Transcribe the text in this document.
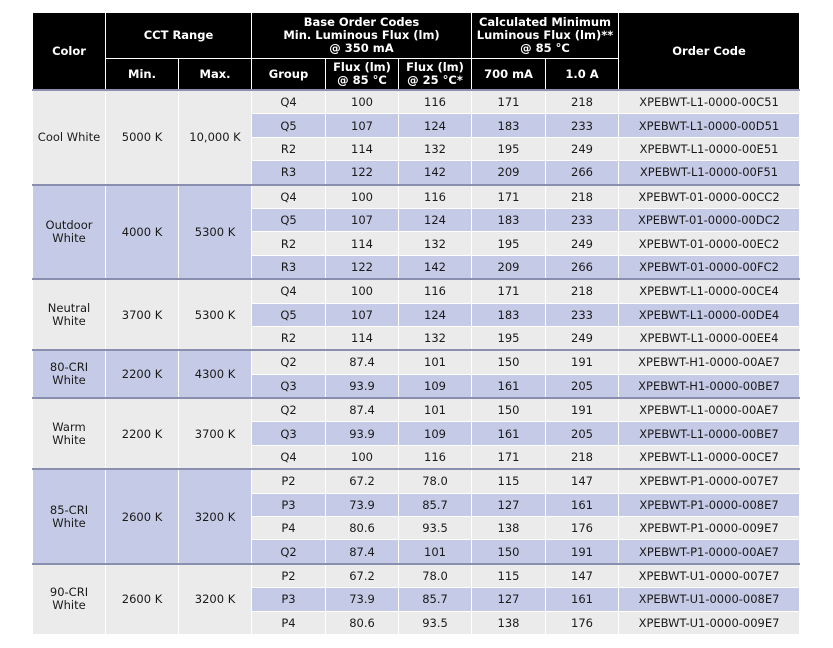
Color	CCT Range		Base Order Codes
Min. Luminous Flux (lm)
@ 350 mA			Calculated Minimum
Luminous Flux (lm)**
@ 85 °C		Order Code
	Min.	Max.	Group	Flux (lm)
@ 85 °C	Flux (lm)
@ 25 °C*	700 mA	1.0 A	
Cool White	5000 K	10,000 K	Q4	100	116	171	218	XPEBWT-L1-0000-00C51
			Q5	107	124	183	233	XPEBWT-L1-0000-00D51
			R2	114	132	195	249	XPEBWT-L1-0000-00E51
			R3	122	142	209	266	XPEBWT-L1-0000-00F51
Outdoor
White	4000 K	5300 K	Q4	100	116	171	218	XPEBWT-01-0000-00CC2
			Q5	107	124	183	233	XPEBWT-01-0000-00DC2
			R2	114	132	195	249	XPEBWT-01-0000-00EC2
			R3	122	142	209	266	XPEBWT-01-0000-00FC2
Neutral
White	3700 K	5300 K	Q4	100	116	171	218	XPEBWT-L1-0000-00CE4
			Q5	107	124	183	233	XPEBWT-L1-0000-00DE4
			R2	114	132	195	249	XPEBWT-L1-0000-00EE4
80-CRI
White	2200 K	4300 K	Q2	87.4	101	150	191	XPEBWT-H1-0000-00AE7
			Q3	93.9	109	161	205	XPEBWT-H1-0000-00BE7
Warm
White	2200 K	3700 K	Q2	87.4	101	150	191	XPEBWT-L1-0000-00AE7
			Q3	93.9	109	161	205	XPEBWT-L1-0000-00BE7
			Q4	100	116	171	218	XPEBWT-L1-0000-00CE7
85-CRI
White	2600 K	3200 K	P2	67.2	78.0	115	147	XPEBWT-P1-0000-007E7
			P3	73.9	85.7	127	161	XPEBWT-P1-0000-008E7
			P4	80.6	93.5	138	176	XPEBWT-P1-0000-009E7
			Q2	87.4	101	150	191	XPEBWT-P1-0000-00AE7
90-CRI
White	2600 K	3200 K	P2	67.2	78.0	115	147	XPEBWT-U1-0000-007E7
			P3	73.9	85.7	127	161	XPEBWT-U1-0000-008E7
			P4	80.6	93.5	138	176	XPEBWT-U1-0000-009E7
